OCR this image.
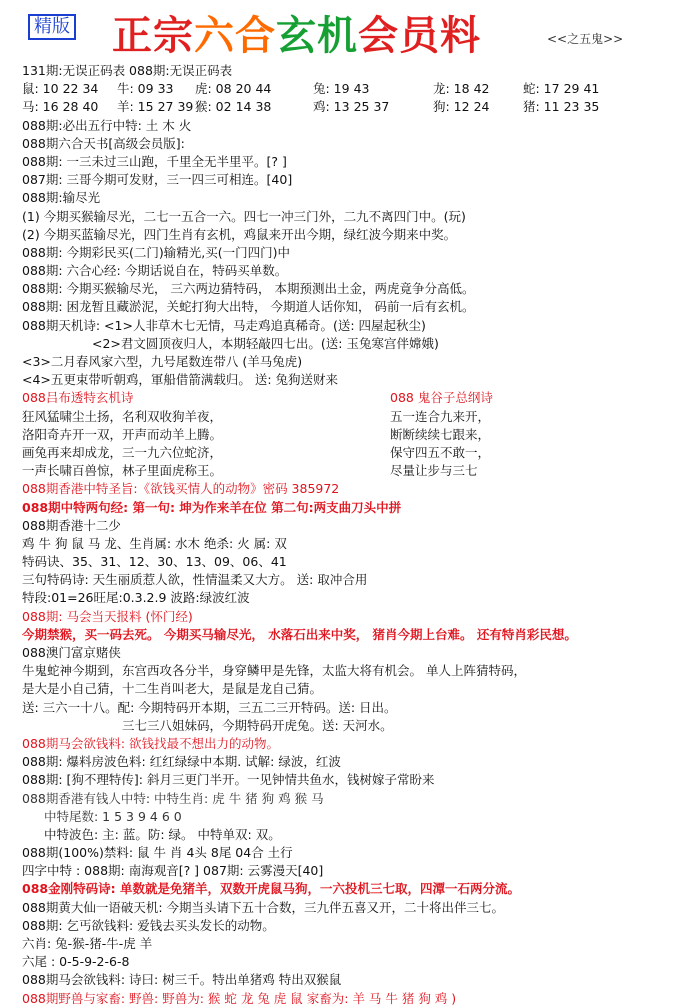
精版 正宗六合玄机会员料	<<之五鬼>>
131期:无误正码表 088期:无误正码表
鼠: 10 22 34 牛: 09 33 虎: 08 20 44	兔: 19 43	龙: 18 42	蛇: 17 29 41
马: 16 28 40 羊: 15 27 39 猴: 02 14 38	鸡: 13 25 37	狗: 12 24	猪: 11 23 35
088期:必出五行中特: 土 木 火
088期六合天书[高级会员版]:
088期: 一三未过三山跑，千里全无半里平。[? ]
087期: 三哥今期可发财，三一四三可相连。[40]
088期:输尽光
(1) 今期买猴输尽光，二七一五合一六。四七一冲三门外，二九不离四门中。(玩)
(2) 今期买蓝输尽光，四门生肖有玄机，鸡鼠来开出今期，绿红波今期来中奖。
088期: 今期彩民买(二门)输精光,买(一门四门)中
088期: 六合心经: 今期话说自在，特码买单数。
088期: 今期买猴输尽光， 三六两边猜特码， 本期预测出土金，两虎竟争分高低。
088期: 困龙暂且藏淤泥，关蛇打狗大出特， 今期道人话你知， 码前一后有玄机。
088期天机诗: <1>人非草木七无情，马走鸡追真稀奇。(送: 四屋起秋尘)
<2>君文圆顶夜归人，本期轻敲四七出。(送: 玉兔寒宫伴嫦娥)
<3>二月春风家六型，九号尾数连带八 (羊马兔虎)
<4>五更束带听朝鸡，軍船借箭满载归。 送: 兔狗送财来
088吕布透特玄机诗	088 鬼谷子总纲诗
狂风猛啸尘土扬，名利双收狗羊夜，	五一连合九来开，
洛阳奇卉开一双，开声而动羊上腾。	断断续续七跟来，
画兔再来却成龙，三一九六位蛇济，	保守四五不敢一，
一声长啸百兽惊，林子里面虎称王。	尽量让步与三七
088期香港中特圣旨:《欲钱买情人的动物》密码 385972
088期中特两句经: 第一句: 坤为作来羊在位 第二句:两支曲刀头中拼
088期香港十二少
鸡 牛 狗 鼠 马 龙、生肖属: 水木 绝杀: 火 属: 双
特码诀、35、31、12、30、13、09、06、41
三句特码诗: 天生丽质惹人欲，性情温柔又大方。 送: 取冲合用
特段:01=26旺尾:0.3.2.9 波路:绿波红波
088期: 马会当天报料 (怀门经)
今期禁猴，买一码去死。 今期买马输尽光， 水落石出来中奖， 猪肖今期上台难。 还有特肖彩民想。
088澳门富京赌侠
牛鬼蛇神今期到，东宫西攻各分半，身穿鳞甲是先锋，太监大将有机会。 单人上阵猜特码，
是大是小自己猜，十二生肖叫老大，是鼠是龙自己猜。
送: 三六一十八。配: 今期特码开本期，三五二三开特码。送: 日出。
三七三八姐妹码，今期特码开虎兔。送: 天河水。
088期马会欲钱料: 欲钱找最不想出力的动物。
088期: 爆料房波色料: 红红绿绿中本期. 试解: 绿波，红波
088期: [狗不理特传]: 斜月三更门半开。一见钟情共鱼水，钱树嫁子常盼来
088期香港有钱人中特: 中特生肖: 虎 牛 猪 狗 鸡 猴 马
中特尾数: 1 5 3 9 4 6 0
中特波色: 主: 蓝。防: 绿。 中特单双: 双。
088期(100%)禁料: 鼠 牛 肖 4头 8尾 04合 土行
四字中特 : 088期: 南海观音[? ] 087期: 云雾漫天[40]
088金刚特码诗: 单数就是免猪羊，双数开虎鼠马狗，一六投机三七取，四潭一石两分流。
088期黄大仙一语破天机: 今期当头请下五十合数，三九伴五喜又开，二十将出伴三七。
088期: 乞丐欲钱料: 爱钱去买头发长的动物。
六肖: 兔-猴-猪-牛-虎 羊
六尾 : 0-5-9-2-6-8
088期马会欲钱料: 诗曰: 树三千。特出单猪鸡 特出双猴鼠
088期野兽与家畜: 野兽: 野兽为: 猴 蛇 龙 兔 虎 鼠 家畜为: 羊 马 牛 猪 狗 鸡 )
